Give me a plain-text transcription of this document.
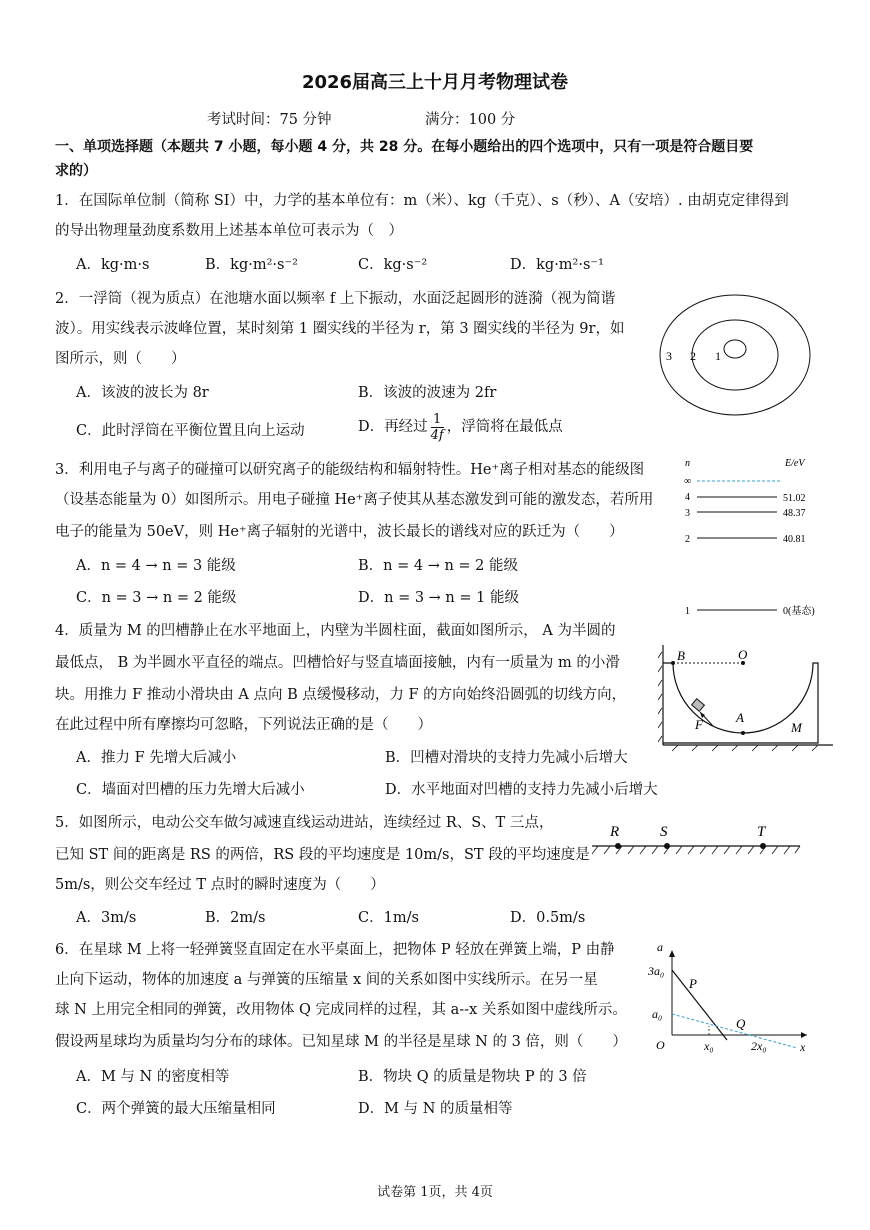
2026届高三上十月月考物理试卷
考试时间：75 分钟	满分：100 分
一、单项选择题（本题共 7 小题，每小题 4 分，共 28 分。在每小题给出的四个选项中，只有一项是符合题目要
求的）
1．在国际单位制（简称 SI）中，力学的基本单位有：m（米）、kg（千克）、s（秒）、A（安培）. 由胡克定律得到
的导出物理量劲度系数用上述基本单位可表示为（　）
A．kg·m·s	B．kg·m²·s⁻²	C．kg·s⁻²	D．kg·m²·s⁻¹
2．一浮筒（视为质点）在池塘水面以频率 f 上下振动，水面泛起圆形的涟漪（视为简谐
波）。用实线表示波峰位置，某时刻第 1 圈实线的半径为 r，第 3 圈实线的半径为 9r，如
图所示，则（　　）
A．该波的波长为 8r	B．该波的波速为 2fr
C．此时浮筒在平衡位置且向上运动	D．再经过 $\frac{1}{4f}$ ，浮筒将在最低点
3 2 1
3．利用电子与离子的碰撞可以研究离子的能级结构和辐射特性。He⁺离子相对基态的能级图
（设基态能量为 0）如图所示。用电子碰撞 He⁺离子使其从基态激发到可能的激发态，若所用
电子的能量为 50eV，则 He⁺离子辐射的光谱中，波长最长的谱线对应的跃迁为（　　）
A．n = 4 → n = 3 能级	B．n = 4 → n = 2 能级
C．n = 3 → n = 2 能级	D．n = 3 → n = 1 能级
n	E/eV
∞
4	51.02
3	48.37
2	40.81
1	0(基态)
4．质量为 M 的凹槽静止在水平地面上，内壁为半圆柱面，截面如图所示， A 为半圆的
最低点， B 为半圆水平直径的端点。凹槽恰好与竖直墙面接触，内有一质量为 m 的小滑
块。用推力 F 推动小滑块由 A 点向 B 点缓慢移动，力 F 的方向始终沿圆弧的切线方向，
在此过程中所有摩擦均可忽略，下列说法正确的是（　　）
A．推力 F 先增大后减小	B．凹槽对滑块的支持力先减小后增大
C．墙面对凹槽的压力先增大后减小	D．水平地面对凹槽的支持力先减小后增大
B	O
A
F	M
5．如图所示，电动公交车做匀减速直线运动进站，连续经过 R、S、T 三点，
已知 ST 间的距离是 RS 的两倍，RS 段的平均速度是 10m/s，ST 段的平均速度是
5m/s，则公交车经过 T 点时的瞬时速度为（　　）
A．3m/s	B．2m/s	C．1m/s	D．0.5m/s
R	S	T
6．在星球 M 上将一轻弹簧竖直固定在水平桌面上，把物体 P 轻放在弹簧上端，P 由静
止向下运动，物体的加速度 a 与弹簧的压缩量 x 间的关系如图中实线所示。在另一星
球 N 上用完全相同的弹簧，改用物体 Q 完成同样的过程，其 a--x 关系如图中虚线所示。
假设两星球均为质量均匀分布的球体。已知星球 M 的半径是星球 N 的 3 倍，则（　　）
A．M 与 N 的密度相等	B．物块 Q 的质量是物块 P 的 3 倍
C．两个弹簧的最大压缩量相同	D．M 与 N 的质量相等
a
x
O
3a₀
a₀
x₀	2x₀
P
Q
试卷第 1页，共 4页
